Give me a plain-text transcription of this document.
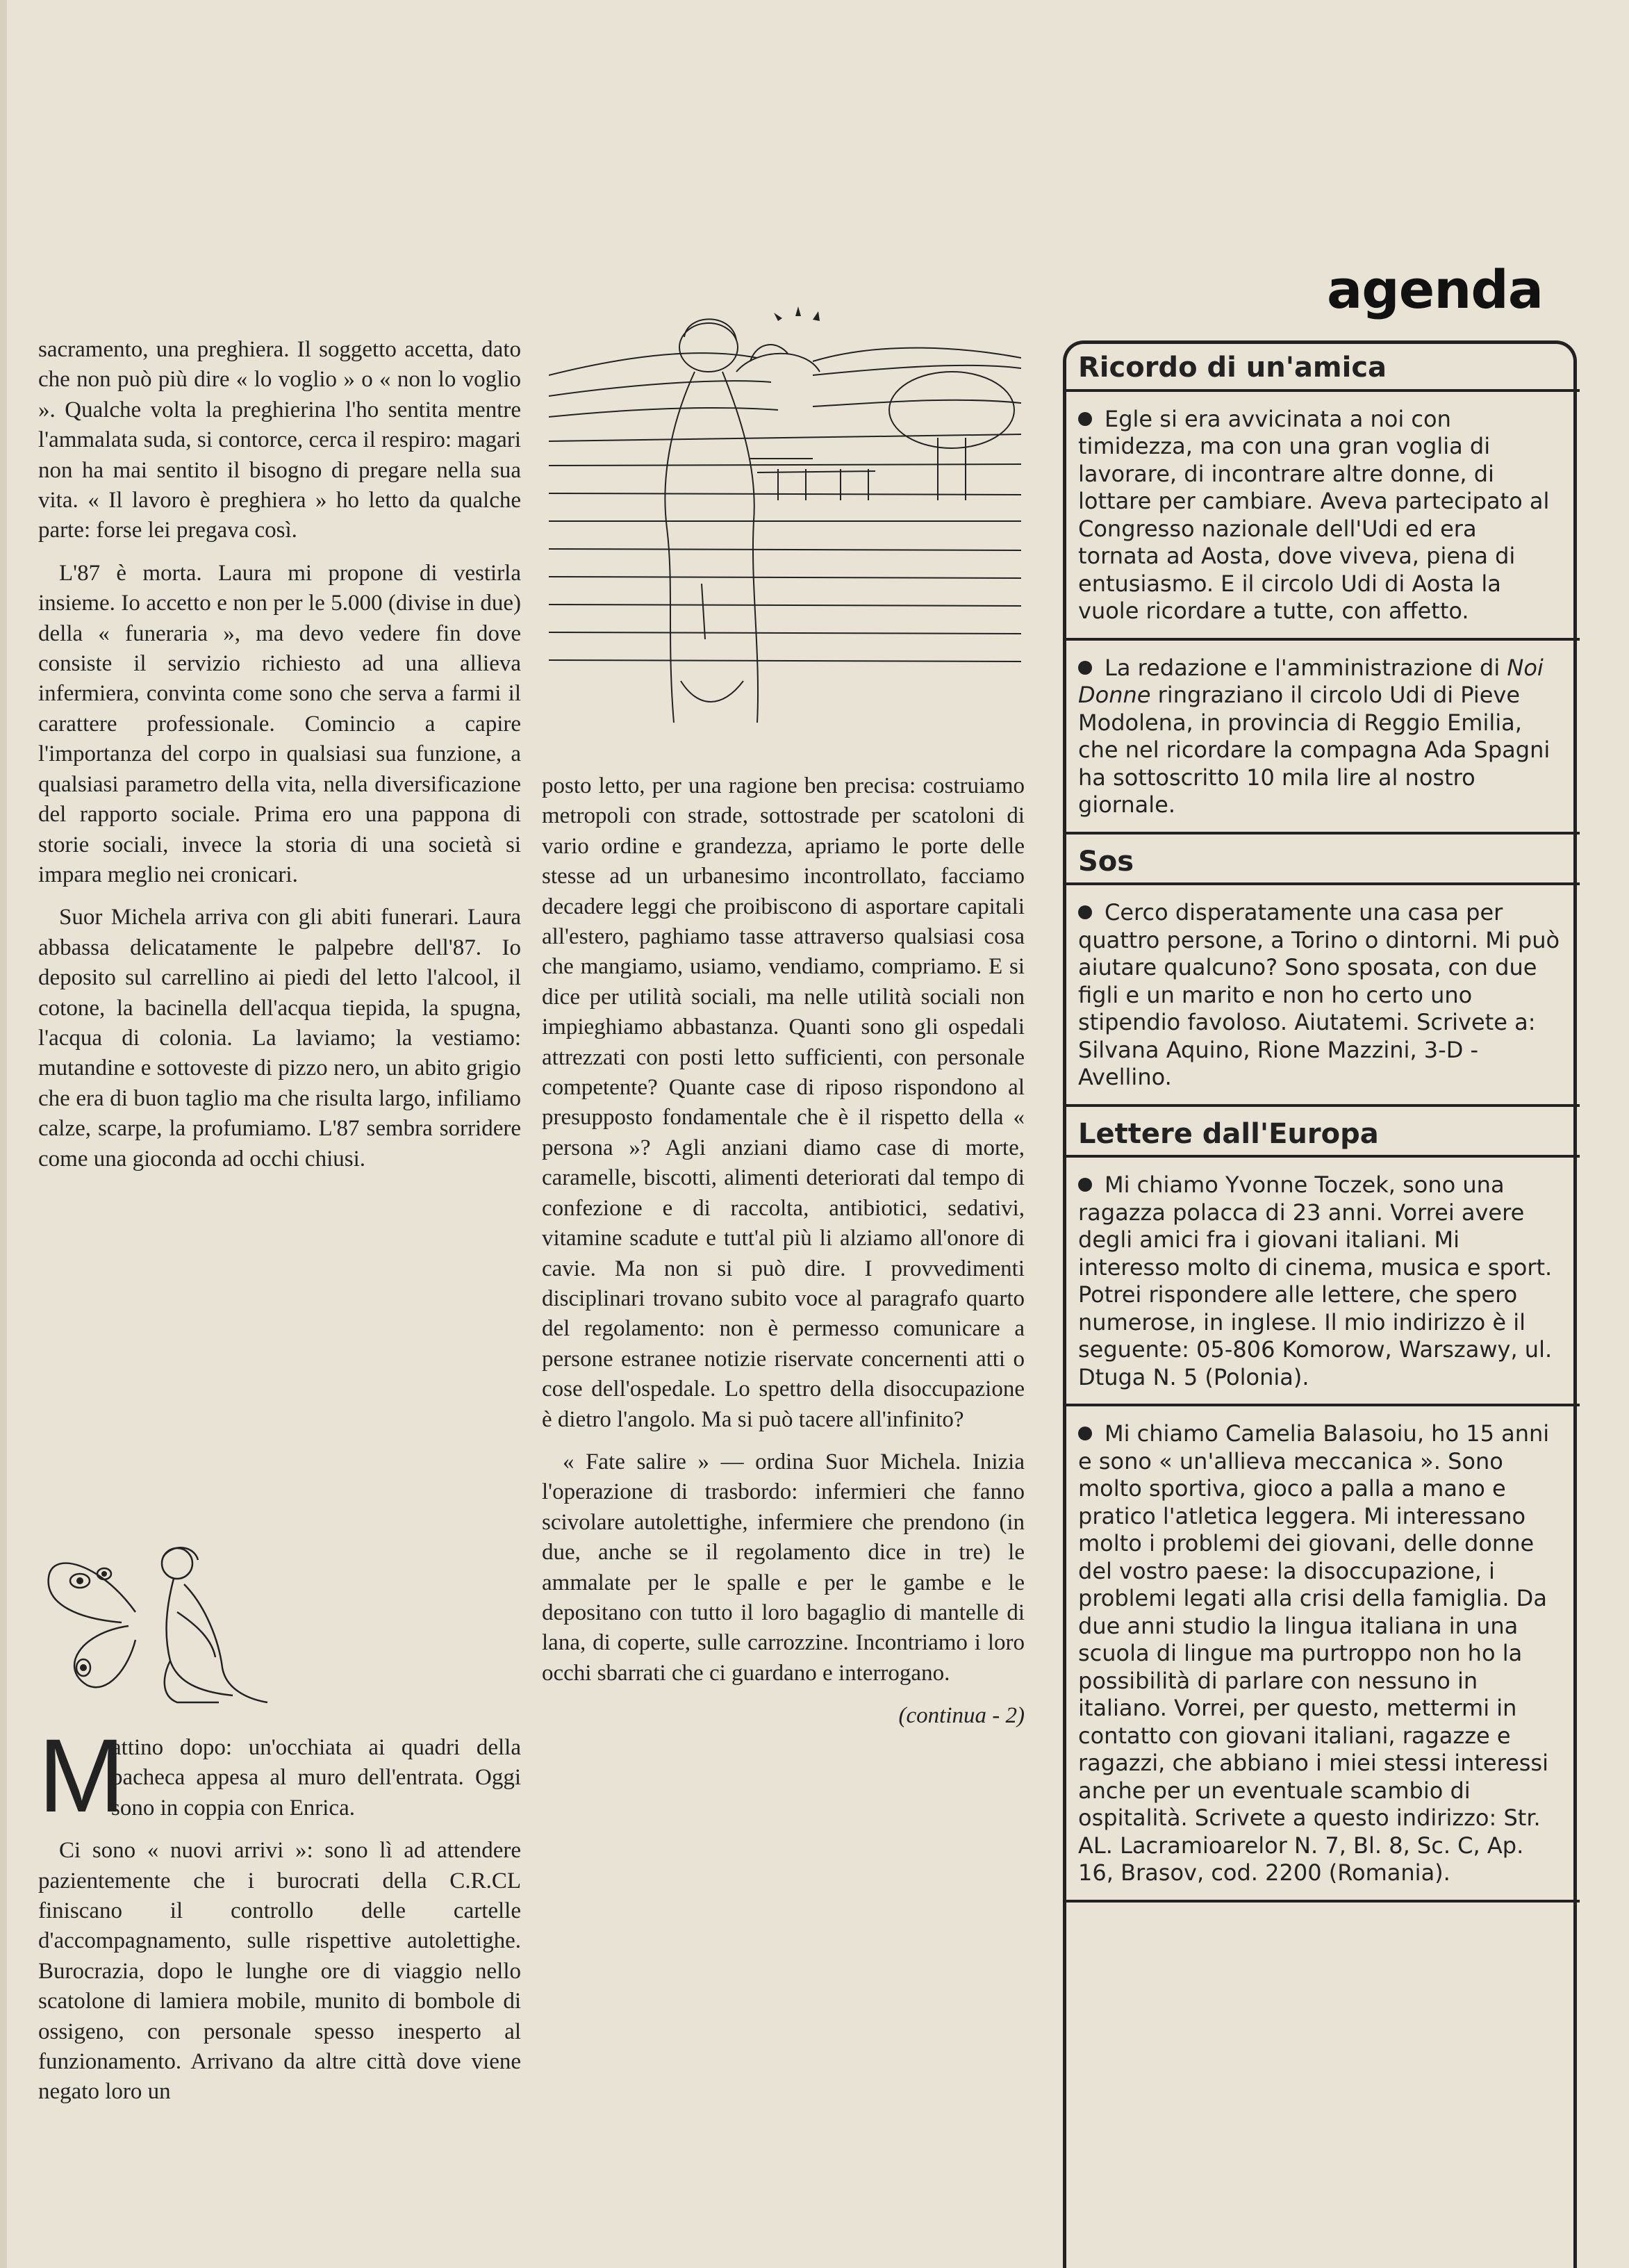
sacramento, una preghiera. Il soggetto accetta, dato che non può più dire « lo voglio » o « non lo voglio ». Qualche volta la preghierina l'ho sentita mentre l'ammalata suda, si contorce, cerca il respiro: magari non ha mai sentito il bisogno di pregare nella sua vita. « Il lavoro è preghiera » ho letto da qualche parte: forse lei pregava così.

L'87 è morta. Laura mi propone di vestirla insieme. Io accetto e non per le 5.000 (divise in due) della « funeraria », ma devo vedere fin dove consiste il servizio richiesto ad una allieva infermiera, convinta come sono che serva a farmi il carattere professionale. Comincio a capire l'importanza del corpo in qualsiasi sua funzione, a qualsiasi parametro della vita, nella diversificazione del rapporto sociale. Prima ero una pappona di storie sociali, invece la storia di una società si impara meglio nei cronicari.

Suor Michela arriva con gli abiti funerari. Laura abbassa delicatamente le palpebre dell'87. Io deposito sul carrellino ai piedi del letto l'alcool, il cotone, la bacinella dell'acqua tiepida, la spugna, l'acqua di colonia. La laviamo; la vestiamo: mutandine e sottoveste di pizzo nero, un abito grigio che era di buon taglio ma che risulta largo, infiliamo calze, scarpe, la profumiamo. L'87 sembra sorridere come una gioconda ad occhi chiusi.

M
attino dopo: un'occhiata ai quadri della bacheca appesa al muro dell'entrata. Oggi sono in coppia con Enrica.

Ci sono « nuovi arrivi »: sono lì ad attendere pazientemente che i burocrati della C.R.CL finiscano il controllo delle cartelle d'accompagnamento, sulle rispettive autolettighe. Burocrazia, dopo le lunghe ore di viaggio nello scatolone di lamiera mobile, munito di bombole di ossigeno, con personale spesso inesperto al funzionamento. Arrivano da altre città dove viene negato loro un

posto letto, per una ragione ben precisa: costruiamo metropoli con strade, sottostrade per scatoloni di vario ordine e grandezza, apriamo le porte delle stesse ad un urbanesimo incontrollato, facciamo decadere leggi che proibiscono di asportare capitali all'estero, paghiamo tasse attraverso qualsiasi cosa che mangiamo, usiamo, vendiamo, compriamo. E si dice per utilità sociali, ma nelle utilità sociali non impieghiamo abbastanza. Quanti sono gli ospedali attrezzati con posti letto sufficienti, con personale competente? Quante case di riposo rispondono al presupposto fondamentale che è il rispetto della « persona »? Agli anziani diamo case di morte, caramelle, biscotti, alimenti deteriorati dal tempo di confezione e di raccolta, antibiotici, sedativi, vitamine scadute e tutt'al più li alziamo all'onore di cavie. Ma non si può dire. I provvedimenti disciplinari trovano subito voce al paragrafo quarto del regolamento: non è permesso comunicare a persone estranee notizie riservate concernenti atti o cose dell'ospedale. Lo spettro della disoccupazione è dietro l'angolo. Ma si può tacere all'infinito?

« Fate salire » — ordina Suor Michela. Inizia l'operazione di trasbordo: infermieri che fanno scivolare autolettighe, infermiere che prendono (in due, anche se il regolamento dice in tre) le ammalate per le spalle e per le gambe e le depositano con tutto il loro bagaglio di mantelle di lana, di coperte, sulle carrozzine. Incontriamo i loro occhi sbarrati che ci guardano e interrogano.

(continua - 2)

agenda
Ricordo di un'amica

Egle si era avvicinata a noi con timidezza, ma con una gran voglia di lavorare, di incontrare altre donne, di lottare per cambiare. Aveva partecipato al Congresso nazionale dell'Udi ed era tornata ad Aosta, dove viveva, piena di entusiasmo. E il circolo Udi di Aosta la vuole ricordare a tutte, con affetto.

La redazione e l'amministrazione di Noi Donne ringraziano il circolo Udi di Pieve Modolena, in provincia di Reggio Emilia, che nel ricordare la compagna Ada Spagni ha sottoscritto 10 mila lire al nostro giornale.

Sos

Cerco disperatamente una casa per quattro persone, a Torino o dintorni. Mi può aiutare qualcuno? Sono sposata, con due figli e un marito e non ho certo uno stipendio favoloso. Aiutatemi. Scrivete a: Silvana Aquino, Rione Mazzini, 3-D - Avellino.

Lettere dall'Europa

Mi chiamo Yvonne Toczek, sono una ragazza polacca di 23 anni. Vorrei avere degli amici fra i giovani italiani. Mi interesso molto di cinema, musica e sport. Potrei rispondere alle lettere, che spero numerose, in inglese. Il mio indirizzo è il seguente: 05-806 Komorow, Warszawy, ul. Dtuga N. 5 (Polonia).

Mi chiamo Camelia Balasoiu, ho 15 anni e sono « un'allieva meccanica ». Sono molto sportiva, gioco a palla a mano e pratico l'atletica leggera. Mi interessano molto i problemi dei giovani, delle donne del vostro paese: la disoccupazione, i problemi legati alla crisi della famiglia. Da due anni studio la lingua italiana in una scuola di lingue ma purtroppo non ho la possibilità di parlare con nessuno in italiano. Vorrei, per questo, mettermi in contatto con giovani italiani, ragazze e ragazzi, che abbiano i miei stessi interessi anche per un eventuale scambio di ospitalità. Scrivete a questo indirizzo: Str. AL. Lacramioarelor N. 7, Bl. 8, Sc. C, Ap. 16, Brasov, cod. 2200 (Romania).
